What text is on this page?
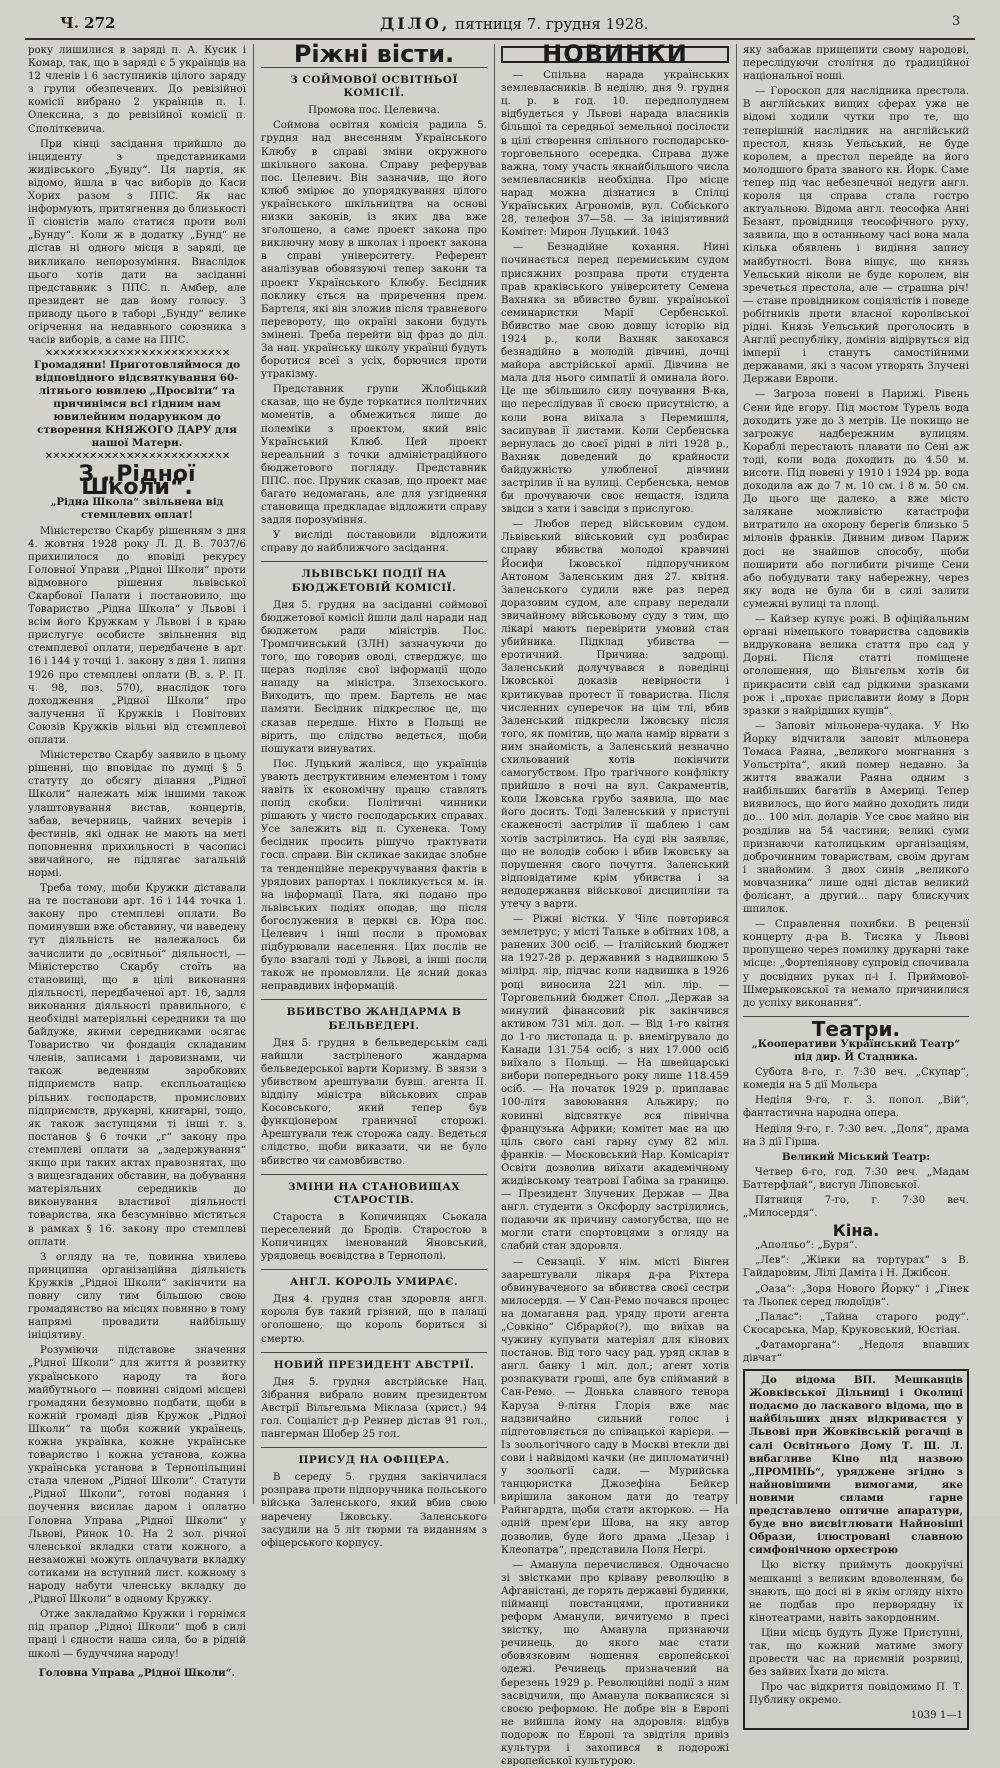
Ч. 272	ДІЛО, пятниця 7. грудня 1928.	3

року лишилися в заряді п. А. Кусик і Комар, так, що в заряді є 5 українців на 12 членів і 6 заступників цілого заряду з групи обезпечених. До ревізійної комісії вибрано 2 українців п. І. Олексина, з до ревізійної комісії п. Споліткевича.

При кінці засідання прийшло до інциденту з представниками жидівського „Бунду“. Ця партія, як відомо, йшла в час виборів до Каси Хорих разом з ППС. Як нас інформують, притягнення до близькості її сіоністів мало статися проти волі „Бунду“. Коли ж в додатку „Бунд“ не дістав ні одного місця в заряді, це викликало непорозуміння. Внаслідок цього хотів дати на засіданні представник з ППС. п. Амбер, але президент не дав йому голосу. З приводу цього в таборі „Бунду“ велике огірчення на недавнього союзника з часів виборів, а саме на ППС.

✕✕✕✕✕✕✕✕✕✕✕✕✕✕✕✕✕✕✕✕✕✕✕✕✕

Громадяни! Приготовляймося до відповідного відсвяткування 60-літнього ювилею „Просвіти“ та причинімся всі гідним нам ювилейним подарунком до створення КНЯЖОГО ДАРУ для нашої Матери.

✕✕✕✕✕✕✕✕✕✕✕✕✕✕✕✕✕✕✕✕✕✕✕✕✕
З „Рідної Школи“.

„Рідна Школа“ звільнена від стемплевих оплат!

Міністерство Скарбу рішенням з дня 4. жовтня 1928 року Л. Д. В. 7037/6 прихилилося до вповіді рекурсу Головної Управи „Рідної Школи“ проти відмовного рішення львівської Скарбової Палати і постановило, що Товариство „Рідна Школа“ у Львові і всім його Кружкам у Львові і в краю прислугує особисте звільнення від стемплевої оплати, передбачене в арт. 16 і 144 у точці 1. закону з дня 1. липня 1926 про стемплеві оплати (В. з. Р. П. ч. 98, поз. 570), внаслідок того доходження „Рідної Школи“ про залучення її Кружків і Повітових Союзів Кружків вільні від стемплевої оплати.

Міністерство Скарбу заявило в цьому рішенні, що вповідає по думці § 5. статуту до обсягу ділання „Рідної Школи“ належать між іншими також улаштовування вистав, концертів, забав, вечерниць, чайних вечерів і фестинів, які однак не мають на меті поповнення прихильності в часописі звичайного, не підлягає загальній нормі.

Треба тому, щоби Кружки діставали на те постанови арт. 16 і 144 точка 1. закону про стемплеві оплати. Во поминувши вже обставину, чи наведену тут діяльність не належалось би зачислити до „освітньої“ діяльності, — Міністерство Скарбу стоїть на становищі, що в цілі виконання діяльності, передбаченої арт. 16, задля виконання діяльності правильного, є необхідні матеріяльні середники та що байдуже, якими середниками осягає Товариство чи фондація складаним членів, записами і даровизнами, чи також веденням заробкових підприємств напр. експльоатацією рільних господарств, промислових підприємств, друкарні, книгарні, тощо, як також заступцями ті інші т. з. постанов § 6 точки „г“ закону про стемплеві оплати за „задержування“ якщо при таких актах правознятах, що з вищезгаданих обставин, на добування матеріяльних середників до виконування властивої діяльності товариства, яка безсумнівно міститься в рамках § 16. закону про стемплеві оплати.

З огляду на те, повинна хвилево принципна організаційна діяльність Кружків „Рідної Школи“ закінчити на повну силу тим більшою свою громадянство на місцях повинно в тому напрямі провадити найбільшу ініціятиву.

Розуміючи підставове значення „Рідної Школи“ для життя й розвитку українського народу та його майбутнього — повинні свідомі місцеві громадяни безумовно подбати, щоби в кожній громаді діяв Кружок „Рідної Школи“ та щоби кожний українець, кожна українка, кожне українське товариство і кожна установа, кожна українська установа в Тернопільщині стала членом „Рідної Школи“. Статути „Рідної Школи“, готові подання і поучення висилає даром і оплатно Головна Управа „Рідної Школи“ у Львові, Ринок 10. На 2 зол. річної членської вкладки стати кожного, а незаможні можуть оплачувати вкладку сотиками на вступний лист. кожному з народу набути членську вкладку до „Рідної Школи“ в одному Кружку.

Отже закладаймо Кружки і горнімся під прапор „Рідної Школи“ щоб в силі праці і єдности наша сила, бо в рідній школі — будуччина народу!

Головна Управа „Рідної Школи“.

Ріжні вісти.

З СОЙМОВОЇ ОСВІТНЬОЇ КОМІСІЇ.

Промова пос. Целевича.

Соймова освітня комісія радила 5. грудня над внесенням Українського Клюбу в справі зміни окружного шкільного закона. Справу реферував пос. Целевич. Він зазначив, що його клюб змірює до упорядкування цілого українського шкільництва на основі низки законів, із яких два вже зголошено, а саме проект закона про виключну мову в школах і проект закона в справі університету. Референт аналізував обовязуючі тепер закони та проект Українського Клюбу. Бесідник поклику ється на приречення прем. Бартеля, які він зложив після травневого перевороту, що окраїні закони будуть змінені. Треба перейти від фраз до діл. За нац. українську школу українці будуть боротися всеї з усіх, борючися проти утракізму.

Представник групи Жлобіцький сказав, що не буде торкатися політичних моментів, а обмежиться лише до полеміки з проектом, який вніс Український Клюб. Цей проект нереальний з точки адміністраційного бюджетового погляду. Представник ППС. пос. Пруник сказав, що проект має багато недомагань, але для узгіднення становища предкладає відложити справу задля порозуміння.

У висліді постановили відложити справу до найближчого засідання.

ЛЬВІВСЬКІ ПОДІЇ НА БЮДЖЕТОВІЙ КОМІСІЇ.

Дня 5. грудня на засіданні соймової бюджетової комісії йшли далі наради над бюджетом ради міністрів. Пос. Тромпчинський (ЗЛН) зазначуючи до того, що говорив оводі, стверджує, що щераз поділяє свої інформації щодо нападу на міністра. Злзехоського. Виходить, що прем. Бартель не має памяти. Бесідник підкреслює це, що сказав передше. Ніхто в Польщі не вірить, що слідство ведеться, щоби пошукати винуватих.

Пос. Луцький жалівся, що українців увають деструктивним елементом і тому навіть їх економічну працю ставлять попід скобки. Політичні чинники рішають у чисто господарських справах. Усе залежить від п. Сухенека. Тому бесідник просить рішучо трактувати госп. справи. Він скликае закидає злобне та тенденційне перекручування фактів в урядових рапортах і покликується м. ін. на інформації Пата, які подано про львівських подіях оподав, що після богослужения в церкві св. Юра пос. Целевич і інші посли в промовах підбурювали населення. Цих послів не було взагалі тоді у Львові, а інші посли також не промовляли. Це ясний доказ неправдивих інформацій.

ВБИВСТВО ЖАНДАРМА В БЕЛЬВЕДЕРІ.

Дня 5. грудня в бельведерськім саді найшли застріленого жандарма бельведерської варти Коризму. В звязи з убивством арештували бувш. агента ІІ. відділу міністра військових справ Косовського, який тепер був функціонером граничної сторожі. Арештували теж сторожа саду. Ведеться слідство, щоби виказати, чи не було вбивство чи самовбивство.

ЗМІНИ НА СТАНОВИЩАХ СТАРОСТІВ.

Староста в Копичинцях Сьокала переселений до Бродів. Старостою в Копичинцях іменований Яновський, урядовець воєвідства в Тернополі.

АНГЛ. КОРОЛЬ УМИРАЄ.

Дня 4. грудня стан здоровля англ. короля був такий грізний, що в палаці оголошено, що король бориться зі смертю.

НОВИЙ ПРЕЗИДЕНТ АВСТРІЇ.

Дня 5. грудня австрійське Нац. Зібрання вибрало новим президентом Австрії Вільгельма Міклаза (христ.) 94 гол. Соціаліст д-р Реннер дістав 91 гол., пангерман Шобер 25 гол.

ПРИСУД НА ОФІЦЕРА.

В середу 5. грудня закінчилася розправа проти підпоручника польського війська Заленського, який вбив свою наречену Іжовську. Заленського засудили на 5 літ тюрми та виданням з офіцерського корпусу.

НОВИНКИ

— Спільна нарада українських землевласників. В неділю, дня 9. грудня ц. р. в год. 10. передполуднем відбудеться у Львові нарада власників більшої та середньої земельної посілости в цілі створення спільного господарсько-торговельного осередка. Справа дуже важна, тому участь якнайбільшого числа землевласників необхідна. Про місце нарад можна дізнатися в Спілці Українських Агрономів, вул. Собіського 28, телефон 37—58. — За ініціятивний Комітет: Мирон Луцький. 1043

— Безнадійне кохання. Нині починається перед перемиським судом присяжних розправа проти студента прав краківського університету Семена Вахняка за вбивство бувш. української семинаристки Марії Сербенської. Вбивство мае свою довшу історію від 1924 р., коли Вахняк закохався безнадійно в молодій дівчині, дочці майора австрійської армії. Дівчина не мала для нього симпатії й оминала його. Це ще збільшило силу почування В-ка, що переслідував її своєю присутністю, а коли вона виїхала з Перемишля, засипував її листами. Коли Сербенська вернулась до своєї рідні в літі 1928 р., Вахняк доведений до крайности байдужністю улюбленої дівчини застрілив її на вулиці. Сербенська, немов би прочуваючи своє нещастя, їздила звідси з хати і завсіди з прислугою.

— Любов перед військовим судом. Львівський військовий суд розбирає справу вбивства молодої кравчині Йосифи Іжовської підпоручником Антоном Заленським дня 27. квітня. Заленського судили вже раз перед доразовим судом, але справу передали звичайному військовому суду з тим, що лікарі мають перевірити умовий стан убийника. Підклад убивства — еротичний. Причина: задрощі. Заленський долучувався в поведінці Іжовської доказів невірности і критикував протест її товариства. Після численних суперечок на цім тлі, вбив Заленський підкресли Іжовську після того, як помітив, що мала намір вірвати з ним знайомість, а Заленський незначно схильований хотів покінчити самогубством. Про трагічного конфлікту прийшло в ночі на вул. Сакраментів, коли Іжовська грубо заявила, що має його досить. Тоді Заленський у приступі скаженості застрілив її шаблею і сам хотів застрілитись. На суді він заявляє, що не володів собою і вбив Іжовську за порушення свого почуття. Заленський відповідатиме крім убивства і за недодержання військової дисципліни та утечу з варти.

— Ріжні вістки. У Чілє повторився землетрус; у місті Тальке в обітних 108, а ранених 300 осіб. — Італійський бюджет на 1927-28 р. державний з надвишкою 5 мілірд. лір, підчас коли надвишка в 1926 році виносила 221 міл. лір. — Торговельний бюджет Спол. „Держав за минулий фінансовий рік закінчився активом 731 міл. дол. — Від 1-го квітня до 1-го листопада ц. р. виемігрувало до Канади 131.754 осіб; з них 17.000 осіб виїхало з Польщі. — На швейцарські вибори попереднього року лише 118.459 осіб. — На початок 1929 р. приплаває 100-літя завоювання Альжиру; по ковинні відсвяткує вся північна французька Африки; комітет має на цю ціль свого сані гарну суму 82 міл. франків. — Московський Нар. Комісаріят Освіти дозволив виїхати академічному жидівському театрові Габіма за границю. — Президент Злучених Держав — Два англ. студенти з Оксфорду застрілились, подаючи як причину самогубства, що не могли стати спортовцями з огляду на слабий стан здоровля.

— Сензації. У нім. місті Бінген заарештували лікаря д-ра Ріхтера обвинуваченого за вбивства своєї сестри милосердя. — У Сан-Ремо почався процес на домагання рад. уряду проти агента „Совкіно“ Сібрарйо(?), що виїхав на чужину купувати матеріял для кінових постанов. Від того часу рад. уряд склав в англ. банку 1 міл. дол.; агент хотів розпакувати гроші, але був спійманий в Сан-Ремо. — Донька славного тенора Каруза 9-літня Глорія вже має надзвичайно сильний голос і підготовляється до співацької карієри. — Із зоольогічного саду в Москві втекли дві сови і найвідомі качки (не дипломатичні) у зоольогії сади. — Мурийська танцюристка Джозефіна Бейкер вирішила законом дати до театру Райнгардта, щоби стати акторкою. — На одній прем’єри Шова, на яку автор дозволив, буде його драма „Цезар і Клеопатра“, представила Поля Негрі.

— Аманула перечислився. Одночасно зі звістками про кріваву революцію в Афганістані, де горять державні будинки, пійманці повстанцями, противники реформ Аманули, вичитуємо в пресі звістку, що Аманула признаючи речинець, до якого має стати обовязковим ношення європейської одежі. Речинець призначений на березень 1929 р. Революційні події з ним засвідчили, що Аманула покваписяся зі своєю реформою. Не добре він в Европі не вийшла йому на здоровля: відбув подорож по Европі та звідтіля привіз культури і захопився в подорожі європейської культурою.

яку забажав прищепити свому народові, переслідуючи столітня до традиційної національної ноші.

— Гороскоп для наслідника престола. В англійських вищих сферах уже не відомі ходили чутки про те, що теперішній наслідник на англійський престол, князь Уельський, не буде королем, а престол перейде на його молодшого брата званого кн. Йорк. Саме тепер під час небезпечної недуги англ. короля ця справа стала гостро актуальною. Відома англ. теософка Анні Безант, провідниця теософічного руху, заявила, що в останньому часі вона мала кілька обявлень і видіння запису майбутності. Вона віщує, що князь Уельський ніколи не буде королем, він зречеться престола, але — страшна річ! — стане провідником соціялістів і поведе робітників проти власної королівської рідні. Князь Уельський проголосить в Англії республіку, домінія відірвуться від імперії і станутъ самостійними державами, які з часом утворять Злучені Держави Европи.

— Загроза повені в Парижі. Рівень Сени йде вгору. Під мостом Турель вода доходить уже до 3 метрів. Це покищо не загрожує надбережним вулицям. Кораблі перестають плавати по Сені аж тоді, коли вода доходить до 4.50 м. висоти. Під повені у 1910 і 1924 рр. вода доходила аж до 7 м. 10 см. і 8 м. 50 см. До цього ще далеко, а вже місто залякане можливістю катастрофи витратило на охорону берегів близько 5 мілонів франків. Дивним дивом Париж досі не знайшов способу, щоби поширити або поглибити річище Сени або побудувати таку набережну, через яку вода не була би в силі залити сумежні вулиці та площі.

— Кайзер купує рожі. В офіційальним органі німецького товариства садовиків видрукована велика стаття про сад у Дорні. Після статті поміщене оголошення, що Вільгельм хотів би прикрасити свій сад рідкими зразками рож і „прохає приславити йому в Дорн зразки з найрідших кущів“.

— Заповіт мільонера-чудака. У Ню Йорку відчитали заповіт мільонера Томаса Раяна, „великого монгнання з Уольстріта“, який помер недавно. За життя вважали Раяна одним з найбільших багатіїв в Америці. Тепер виявилось, що його майно доходить лиди до... 100 міл. доларів. Усе своє майно він розділив на 54 частини; великі суми признаючи католицьким організаціям, доброчинним товариствам, своїм другам і знайомим. З двох синів „великого мовчазника“ лише одні дістав великий фолісант, а другий... пару блискучих шпилок.

— Справлення похибки. В рецензії концерту д-ра В. Тисяка у Львові пропущено через помилку друкарні таке місце: „Фортепіянову супровід спочивала у досвідних руках п-і І. Приймової-Шмерыковської та немало причинилися до успіху виконання“.

Театри.

„Кооперативи Український Театр“ під дир. Й Стадника.

Субота 8-го, г. 7:30 веч. „Скупар“, комедія на 5 дії Мольєра

Неділя 9-го, г. 3. попол. „Вій“, фантастична народна опера.

Неділя 9-го, г. 7:30 веч. „Доля“, драма на 3 дії Гірша.

Великий Міський Театр:

Четвер 6-го, год. 7:30 веч. „Мадам Баттерфлай“, виступ Ліповської.

Пятниця 7-го, г. 7:30 веч. „Милосердя“.

Кіна.

„Аполльо“: „Буря“.

„Лев“: „Жінки на тортурах“ з В. Гайдаровим, Лілі Даміта і Н. Джібсон.

„Оаза“: „Зоря Нового Йорку“ і „Гінек та Льопек серед людоїдів“.

„Палас“: „Тайна старого роду“. Скосарська, Мар, Круковський, Юстіан.

„Фатаморгана“: „Недоля впавших дівчат“

До відома ВП. Мешканців Жовківської Дільниці і Околиці подаємо до ласкавого відома, що в найбільших днях відкриваєтся у Львові при Жовківській рогачці в салі Освітнього Дому Т. Ш. Л. вибагливе Кіно під назвою „ПРОМІНЬ“, уряджене згідно з найновішими вимогами, яке новими силами гарне представлено оптичне апаратури, буде вно висвітлювати Найновіші Образи, ілюстровані славною симфонічною орхестрою

Цю вістку приймуть доокруїчні мешканці з великим вдоволенням, бо знають, що досі ні в якім огляду ніхто не подбав про перворядну їх кінотеатрами, навіть закордонним.

Ціни місць будуть Дуже Приступні, так, що кожний матиме змогу провести час на приємній розрвиці, без зайвих Їхати до міста.

Про час відкриття повідомимо П. Т. Публику окремо.

1039 1—1
